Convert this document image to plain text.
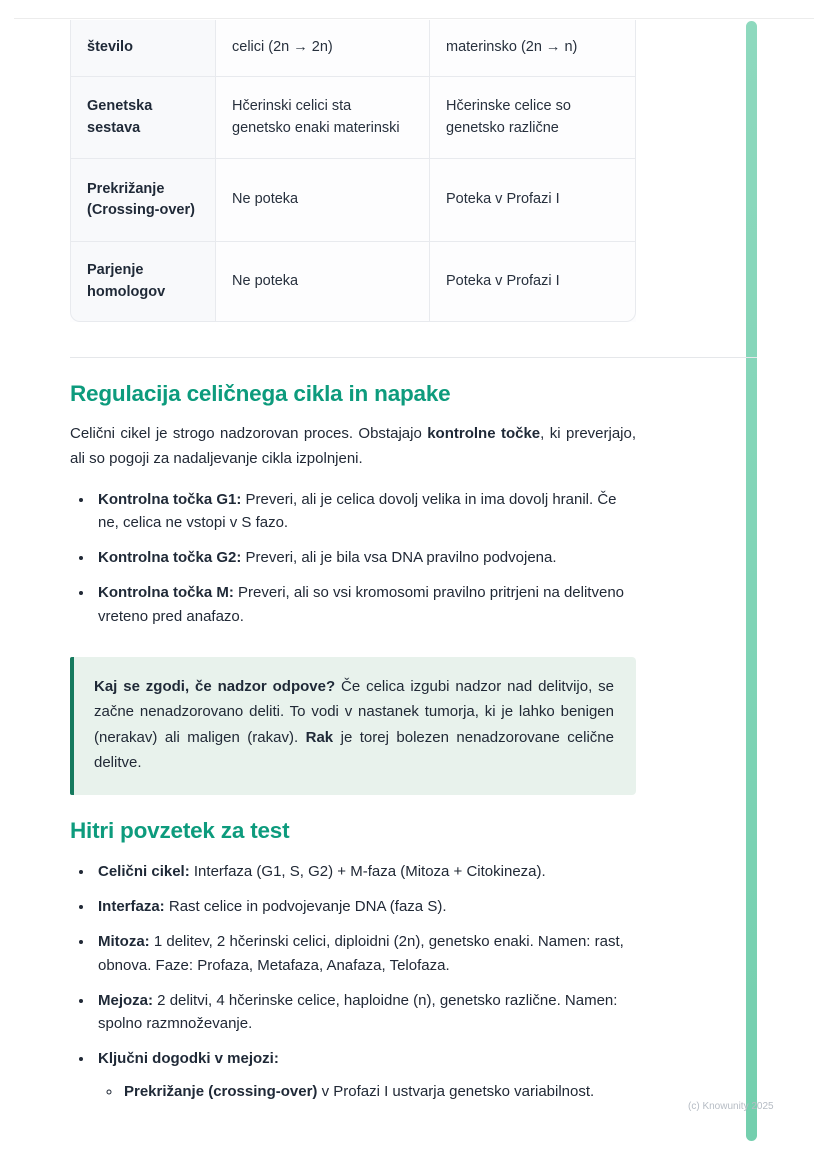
število	celici (2n → 2n)	materinsko (2n → n)
Genetska sestava	Hčerinski celici sta genetsko enaki materinski	Hčerinske celice so genetsko različne
Prekrižanje (Crossing-over)	Ne poteka	Poteka v Profazi I
Parjenje homologov	Ne poteka	Poteka v Profazi I
Regulacija celičnega cikla in napake

Celični cikel je strogo nadzorovan proces. Obstajajo kontrolne točke, ki preverjajo, ali so pogoji za nadaljevanje cikla izpolnjeni.

• Kontrolna točka G1: Preveri, ali je celica dovolj velika in ima dovolj hranil. Če ne, celica ne vstopi v S fazo.
• Kontrolna točka G2: Preveri, ali je bila vsa DNA pravilno podvojena.
• Kontrolna točka M: Preveri, ali so vsi kromosomi pravilno pritrjeni na delitveno vreteno pred anafazo.
Kaj se zgodi, če nadzor odpove? Če celica izgubi nadzor nad delitvijo, se začne nenadzorovano deliti. To vodi v nastanek tumorja, ki je lahko benigen (nerakav) ali maligen (rakav). Rak je torej bolezen nenadzorovane celične delitve.
Hitri povzetek za test
• Celični cikel: Interfaza (G1, S, G2) + M-faza (Mitoza + Citokineza).
• Interfaza: Rast celice in podvojevanje DNA (faza S).
• Mitoza: 1 delitev, 2 hčerinski celici, diploidni (2n), genetsko enaki. Namen: rast, obnova. Faze: Profaza, Metafaza, Anafaza, Telofaza.
• Mejoza: 2 delitvi, 4 hčerinske celice, haploidne (n), genetsko različne. Namen: spolno razmnoževanje.
• Ključni dogodki v mejozi:
◦ Prekrižanje (crossing-over) v Profazi I ustvarja genetsko variabilnost.
(c) Knowunity 2025
